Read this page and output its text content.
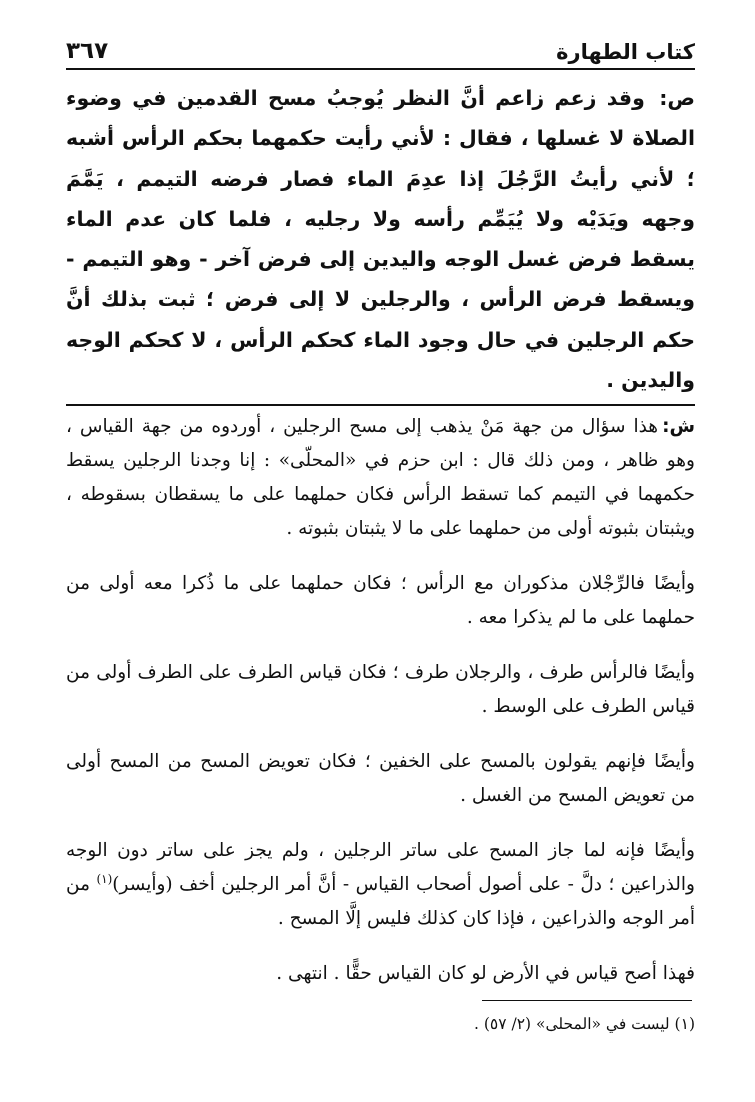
كتاب الطهارة
٣٦٧

ص: وقد زعم زاعم أنَّ النظر يُوجبُ مسح القدمين في وضوء الصلاة لا غسلها ، فقال : لأني رأيت حكمهما بحكم الرأس أشبه ؛ لأني رأيتُ الرَّجُلَ إذا عدِمَ الماء فصار فرضه التيمم ، يَمَّمَ وجهه ويَدَيْه ولا يُيَمِّم رأسه ولا رجليه ، فلما كان عدم الماء يسقط فرض غسل الوجه واليدين إلى فرض آخر - وهو التيمم - ويسقط فرض الرأس ، والرجلين لا إلى فرض ؛ ثبت بذلك أنَّ حكم الرجلين في حال وجود الماء كحكم الرأس ، لا كحكم الوجه واليدين .

ش:هذا سؤال من جهة مَنْ يذهب إلى مسح الرجلين ، أوردوه من جهة القياس ، وهو ظاهر ، ومن ذلك قال : ابن حزم في «المحلّى» : إنا وجدنا الرجلين يسقط حكمهما في التيمم كما تسقط الرأس فكان حملهما على ما يسقطان بسقوطه ، ويثبتان بثبوته أولى من حملهما على ما لا يثبتان بثبوته .

وأيضًا فالرِّجْلان مذكوران مع الرأس ؛ فكان حملهما على ما ذُكرا معه أولى من حملهما على ما لم يذكرا معه .

وأيضًا فالرأس طرف ، والرجلان طرف ؛ فكان قياس الطرف على الطرف أولى من قياس الطرف على الوسط .

وأيضًا فإنهم يقولون بالمسح على الخفين ؛ فكان تعويض المسح من المسح أولى من تعويض المسح من الغسل .

وأيضًا فإنه لما جاز المسح على ساتر الرجلين ، ولم يجز على ساتر دون الوجه والذراعين ؛ دلَّ - على أصول أصحاب القياس - أنَّ أمر الرجلين أخف (وأيسر)$^{(١)}$ من أمر الوجه والذراعين ، فإذا كان كذلك فليس إلَّا المسح .

فهذا أصح قياس في الأرض لو كان القياس حقًّا . انتهى .

(١) ليست في «المحلى» (٢/ ٥٧) .
